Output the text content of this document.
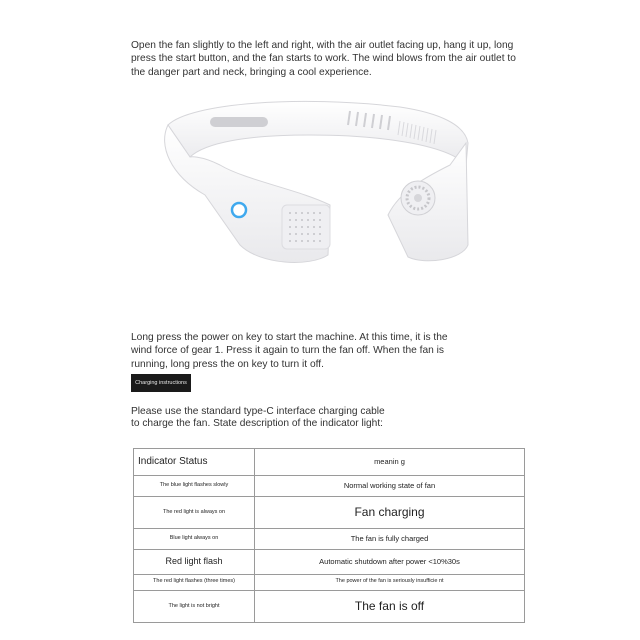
Open the fan slightly to the left and right, with the air outlet facing up, hang it up, long press the start button, and the fan starts to work. The wind blows from the air outlet to the danger part and neck, bringing a cool experience.

Long press the power on key to start the machine. At this time, it is the wind force of gear 1. Press it again to turn the fan off. When the fan is running, long press the on key to turn it off.

Charging instructions

Please use the standard type-C interface charging cable to charge the fan. State description of the indicator light:

Indicator Status	meanin g
The blue light flashes slowly	Normal working state of fan
The red light is always on	Fan charging
Blue light always on	The fan is fully charged
Red light flash	Automatic shutdown after power <10%30s
The red light flashes (three times)	The power of the fan is seriously insufficie nt
The light is not bright	The fan is off
